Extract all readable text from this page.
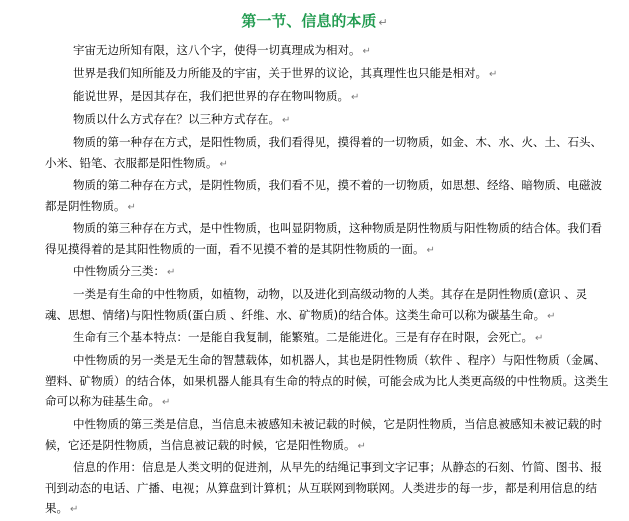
第一节、信息的本质 ↵

宇宙无边所知有限，这八个字，使得一切真理成为相对。 ↵

世界是我们知所能及力所能及的宇宙，关于世界的议论，其真理性也只能是相对。 ↵

能说世界，是因其存在，我们把世界的存在物叫物质。 ↵

物质以什么方式存在？以三种方式存在。 ↵

物质的第一种存在方式，是阳性物质，我们看得见，摸得着的一切物质，如金、木、水、火、土、石头、小米、铅笔、衣服都是阳性物质。 ↵

物质的第二种存在方式，是阴性物质，我们看不见，摸不着的一切物质，如思想、经络、暗物质、电磁波都是阴性物质。 ↵

物质的第三种存在方式，是中性物质，也叫显阴物质，这种物质是阴性物质与阳性物质的结合体。我们看得见摸得着的是其阳性物质的一面，看不见摸不着的是其阴性物质的一面。 ↵

中性物质分三类： ↵

一类是有生命的中性物质，如植物，动物，以及进化到高级动物的人类。其存在是阴性物质(意识 、灵魂、思想、情绪)与阳性物质(蛋白质 、纤维、水、矿物质)的结合体。这类生命可以称为碳基生命。 ↵

生命有三个基本特点：一是能自我复制，能繁殖。二是能进化。三是有存在时限，会死亡。 ↵

中性物质的另一类是无生命的智慧载体，如机器人，其也是阴性物质（软件 、程序）与阳性物质（金属、塑料、矿物质）的结合体，如果机器人能具有生命的特点的时候，可能会成为比人类更高级的中性物质。这类生命可以称为硅基生命。 ↵

中性物质的第三类是信息，当信息未被感知未被记载的时候，它是阴性物质，当信息被感知未被记载的时候，它还是阴性物质，当信息被记载的时候，它是阳性物质。 ↵

信息的作用：信息是人类文明的促进剂，从早先的结绳记事到文字记事；从静态的石刻、竹简、图书、报刊到动态的电话、广播、电视；从算盘到计算机；从互联网到物联网。人类进步的每一步，都是利用信息的结果。 ↵
